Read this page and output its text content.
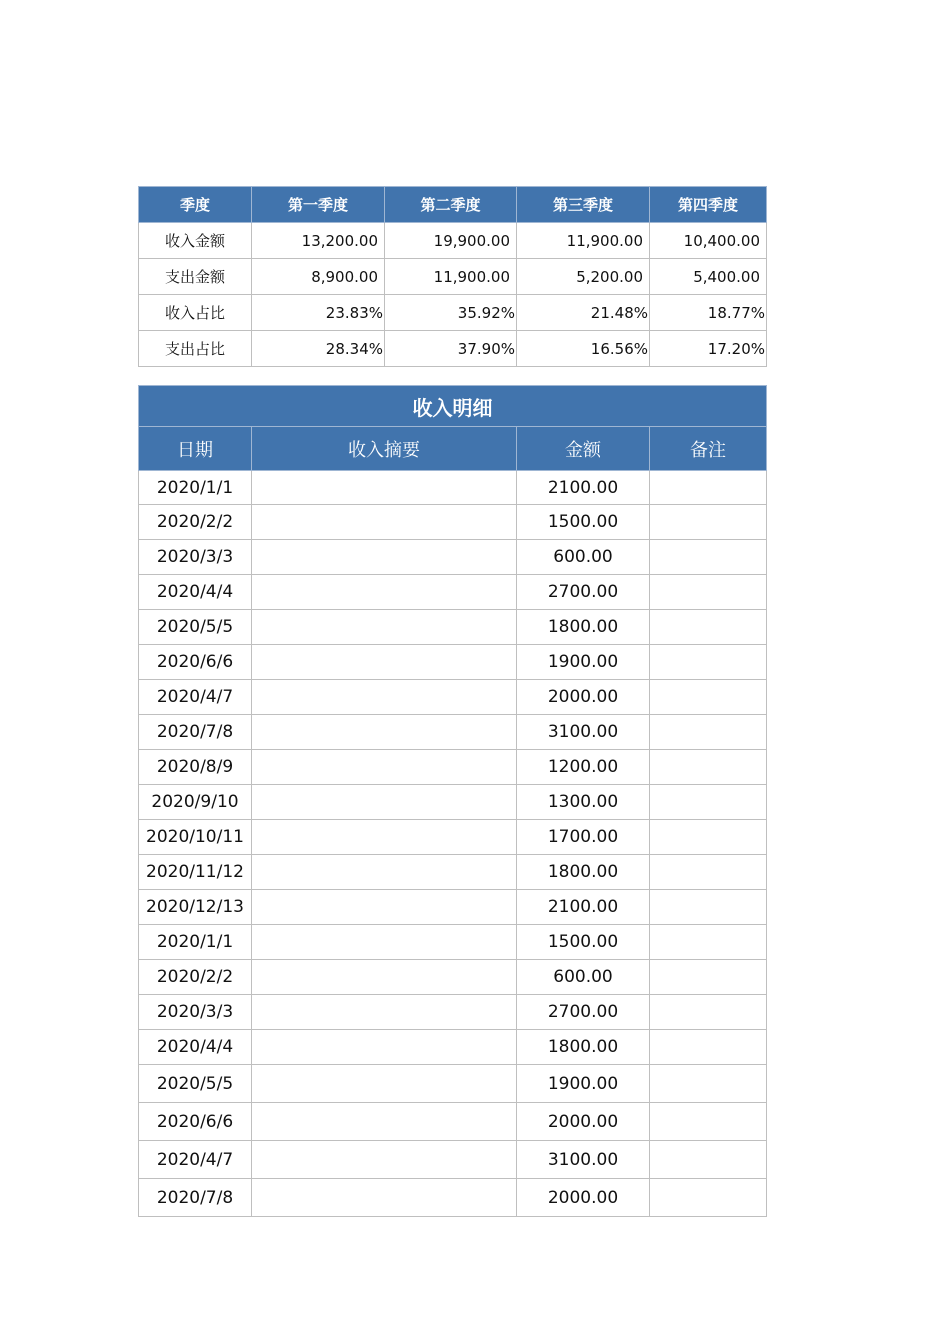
季度	第一季度	第二季度	第三季度	第四季度
收入金额	13,200.00	19,900.00	11,900.00	10,400.00
支出金额	8,900.00	11,900.00	5,200.00	5,400.00
收入占比	23.83%	35.92%	21.48%	18.77%
支出占比	28.34%	37.90%	16.56%	17.20%
收入明细			
日期	收入摘要	金额	备注
2020/1/1		2100.00	
2020/2/2		1500.00	
2020/3/3		600.00	
2020/4/4		2700.00	
2020/5/5		1800.00	
2020/6/6		1900.00	
2020/4/7		2000.00	
2020/7/8		3100.00	
2020/8/9		1200.00	
2020/9/10		1300.00	
2020/10/11		1700.00	
2020/11/12		1800.00	
2020/12/13		2100.00	
2020/1/1		1500.00	
2020/2/2		600.00	
2020/3/3		2700.00	
2020/4/4		1800.00	
2020/5/5		1900.00	
2020/6/6		2000.00	
2020/4/7		3100.00	
2020/7/8		2000.00	
